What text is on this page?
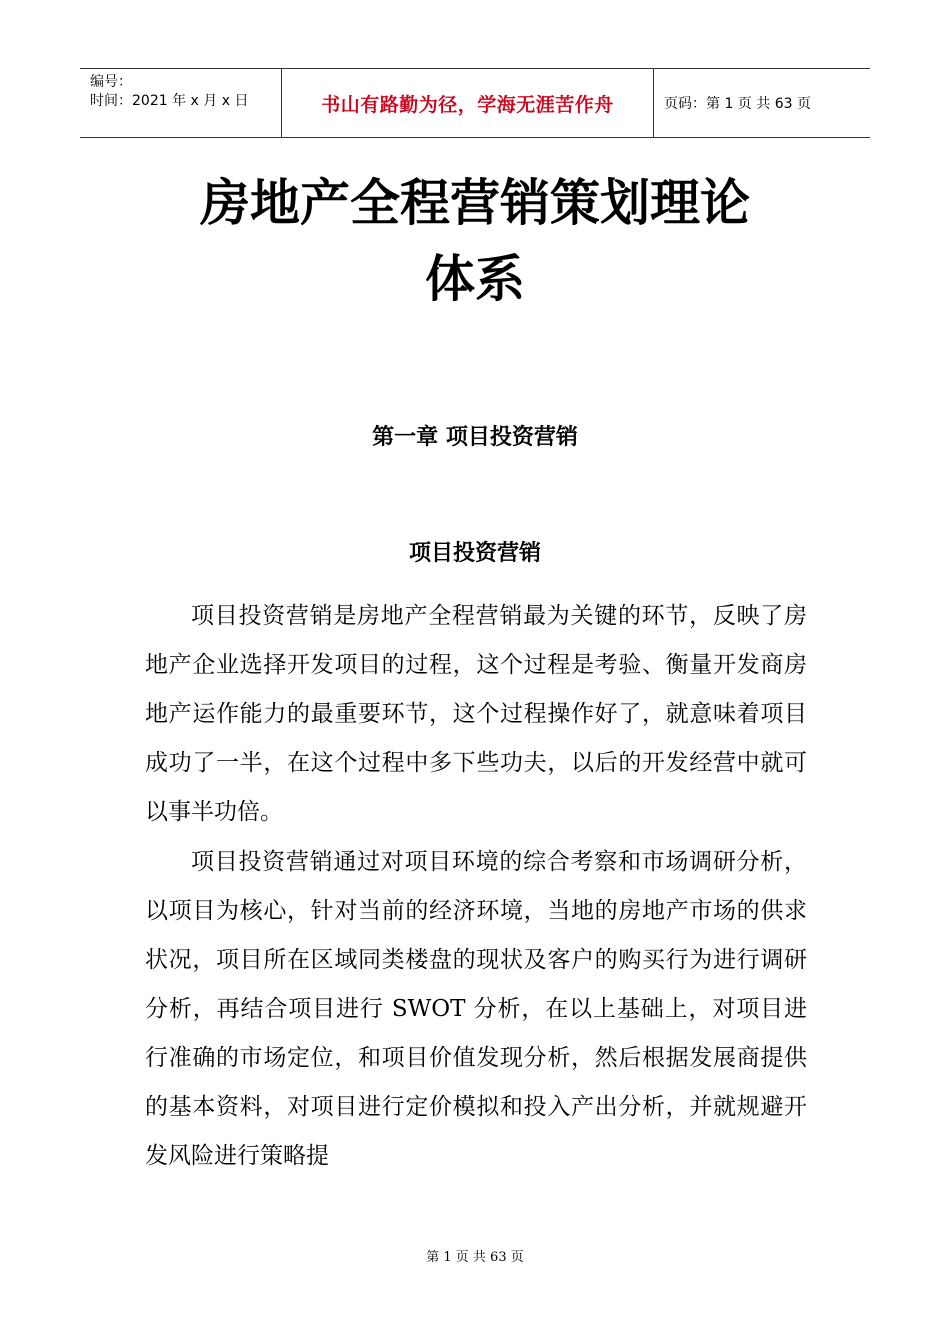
编号：
时间：2021 年 x 月 x 日	书山有路勤为径，学海无涯苦作舟	页码：第 1 页 共 63 页
房地产全程营销策划理论
体系
第一章 项目投资营销
项目投资营销

项目投资营销是房地产全程营销最为关键的环节，反映了房地产企业选择开发项目的过程，这个过程是考验、衡量开发商房地产运作能力的最重要环节，这个过程操作好了，就意味着项目成功了一半，在这个过程中多下些功夫，以后的开发经营中就可以事半功倍。

项目投资营销通过对项目环境的综合考察和市场调研分析，以项目为核心，针对当前的经济环境，当地的房地产市场的供求状况，项目所在区域同类楼盘的现状及客户的购买行为进行调研分析，再结合项目进行 SWOT 分析，在以上基础上，对项目进行准确的市场定位，和项目价值发现分析，然后根据发展商提供的基本资料，对项目进行定价模拟和投入产出分析，并就规避开发风险进行策略提

第 1 页 共 63 页
